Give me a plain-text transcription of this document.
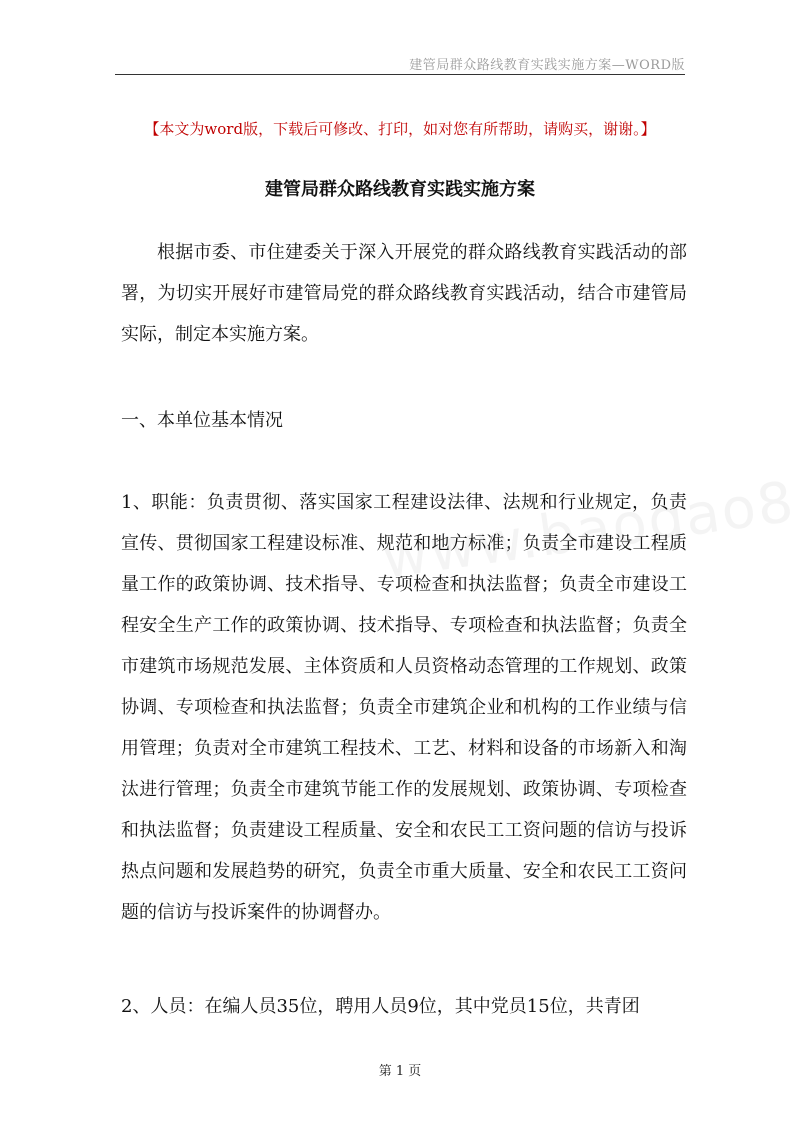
建管局群众路线教育实践实施方案—WORD版
【本文为word版，下载后可修改、打印，如对您有所帮助，请购买，谢谢。】
建管局群众路线教育实践实施方案

根据市委、市住建委关于深入开展党的群众路线教育实践活动的部署，为切实开展好市建管局党的群众路线教育实践活动，结合市建管局实际，制定本实施方案。

一、本单位基本情况

1、职能：负责贯彻、落实国家工程建设法律、法规和行业规定，负责宣传、贯彻国家工程建设标准、规范和地方标准；负责全市建设工程质量工作的政策协调、技术指导、专项检查和执法监督；负责全市建设工程安全生产工作的政策协调、技术指导、专项检查和执法监督；负责全市建筑市场规范发展、主体资质和人员资格动态管理的工作规划、政策协调、专项检查和执法监督；负责全市建筑企业和机构的工作业绩与信用管理；负责对全市建筑工程技术、工艺、材料和设备的市场新入和淘汰进行管理；负责全市建筑节能工作的发展规划、政策协调、专项检查和执法监督；负责建设工程质量、安全和农民工工资问题的信访与投诉热点问题和发展趋势的研究，负责全市重大质量、安全和农民工工资问题的信访与投诉案件的协调督办。

2、人员：在编人员35位，聘用人员9位，其中党员15位，共青团

第 1 页
